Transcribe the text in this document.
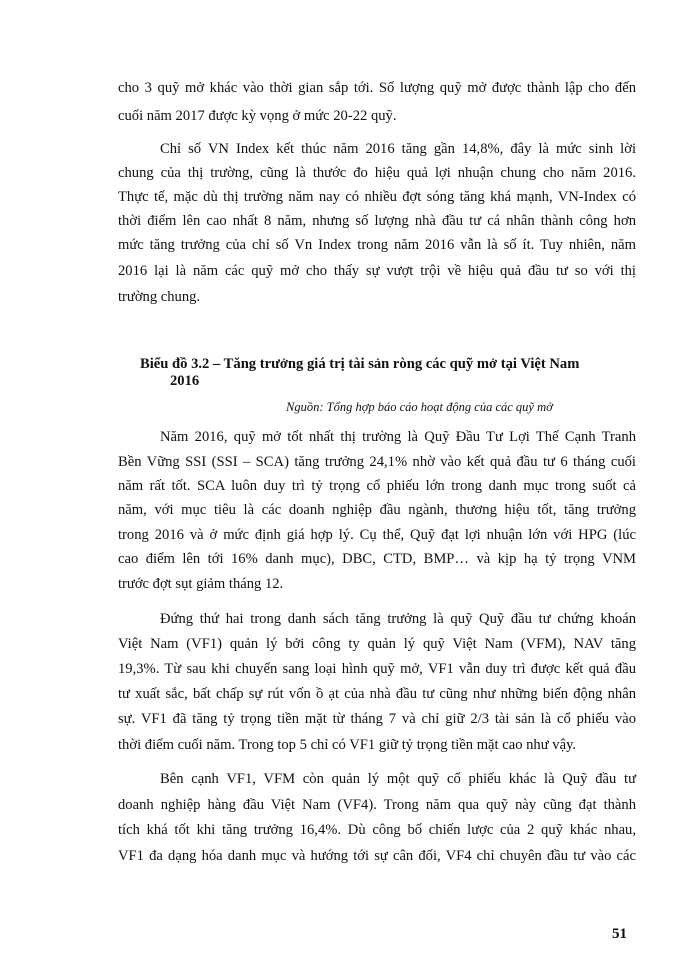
cho 3 quỹ mở khác vào thời gian sắp tới. Số lượng quỹ mở được thành lập cho đến
cuối năm 2017 được kỳ vọng ở mức 20-22 quỹ.
Chỉ số VN Index kết thúc năm 2016 tăng gần 14,8%, đây là mức sinh lời
chung của thị trường, cũng là thước đo hiệu quả lợi nhuận chung cho năm 2016.
Thực tế, mặc dù thị trường năm nay có nhiều đợt sóng tăng khá mạnh, VN-Index có
thời điểm lên cao nhất 8 năm, nhưng số lượng nhà đầu tư cá nhân thành công hơn
mức tăng trưởng của chỉ số Vn Index trong năm 2016 vẫn là số ít. Tuy nhiên, năm
2016 lại là năm các quỹ mở cho thấy sự vượt trội về hiệu quả đầu tư so với thị
trường chung.
Biểu đồ 3.2 – Tăng trưởng giá trị tài sản ròng các quỹ mở tại Việt Nam
2016
Nguồn: Tổng hợp báo cáo hoạt động của các quỹ mở
Năm 2016, quỹ mở tốt nhất thị trường là Quỹ Đầu Tư Lợi Thế Cạnh Tranh
Bền Vững SSI (SSI – SCA) tăng trưởng 24,1% nhờ vào kết quả đầu tư 6 tháng cuối
năm rất tốt. SCA luôn duy trì tỷ trọng cổ phiếu lớn trong danh mục trong suốt cả
năm, với mục tiêu là các doanh nghiệp đầu ngành, thương hiệu tốt, tăng trưởng
trong 2016 và ở mức định giá hợp lý. Cụ thể, Quỹ đạt lợi nhuận lớn với HPG (lúc
cao điểm lên tới 16% danh mục), DBC, CTD, BMP… và kịp hạ tỷ trọng VNM
trước đợt sụt giảm tháng 12.
Đứng thứ hai trong danh sách tăng trưởng là quỹ Quỹ đầu tư chứng khoán
Việt Nam (VF1) quản lý bởi công ty quản lý quỹ Việt Nam (VFM), NAV tăng
19,3%. Từ sau khi chuyển sang loại hình quỹ mở, VF1 vẫn duy trì được kết quả đầu
tư xuất sắc, bất chấp sự rút vốn ồ ạt của nhà đầu tư cũng như những biến động nhân
sự. VF1 đã tăng tỷ trọng tiền mặt từ tháng 7 và chỉ giữ 2/3 tài sản là cổ phiếu vào
thời điểm cuối năm. Trong top 5 chỉ có VF1 giữ tỷ trọng tiền mặt cao như vậy.
Bên cạnh VF1, VFM còn quản lý một quỹ cổ phiếu khác là Quỹ đầu tư
doanh nghiệp hàng đầu Việt Nam (VF4). Trong năm qua quỹ này cũng đạt thành
tích khá tốt khi tăng trưởng 16,4%. Dù công bố chiến lược của 2 quỹ khác nhau,
VF1 đa dạng hóa danh mục và hướng tới sự cân đối, VF4 chỉ chuyên đầu tư vào các
51
